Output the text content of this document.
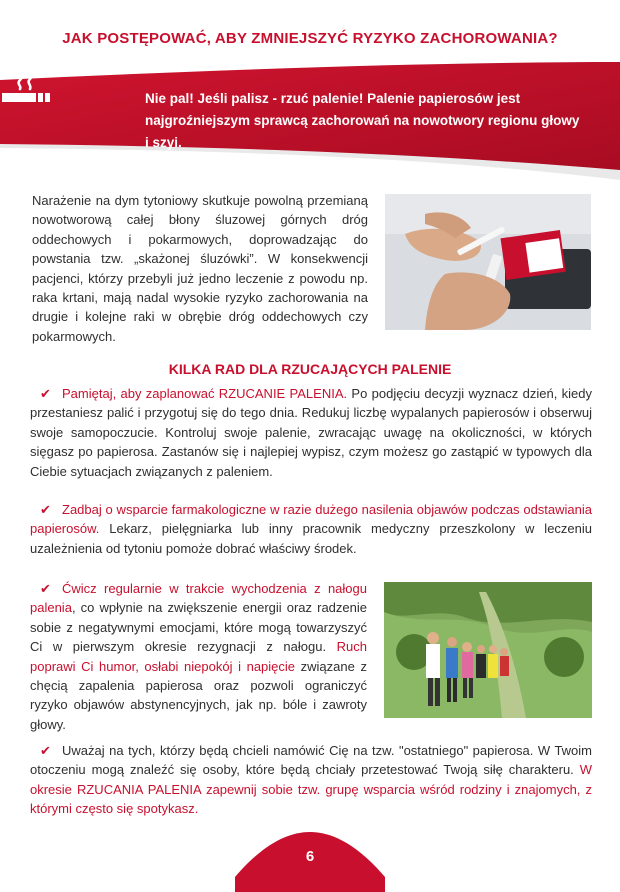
JAK POSTĘPOWAĆ, ABY ZMNIEJSZYĆ RYZYKO ZACHOROWANIA?
Nie pal! Jeśli palisz - rzuć palenie! Palenie papierosów jest najgroźniejszym sprawcą zachorowań na nowotwory regionu głowy i szyi.
Narażenie na dym tytoniowy skutkuje powolną przemianą nowotworową całej błony śluzowej górnych dróg oddechowych i pokarmowych, doprowadzając do powstania tzw. „skażonej śluzówki”. W konsekwencji pacjenci, którzy przebyli już jedno leczenie z powodu np. raka krtani, mają nadal wysokie ryzyko zachorowania na drugie i kolejne raki w obrębie dróg oddechowych czy pokarmowych.
KILKA RAD DLA RZUCAJĄCYCH PALENIE
✔ Pamiętaj, aby zaplanować RZUCANIE PALENIA. Po podjęciu decyzji wyznacz dzień, kiedy przestaniesz palić i przygotuj się do tego dnia. Redukuj liczbę wypalanych papierosów i obserwuj swoje samopoczucie. Kontroluj swoje palenie, zwracając uwagę na okoliczności, w których sięgasz po papierosa. Zastanów się i najlepiej wypisz, czym możesz go zastąpić w typowych dla Ciebie sytuacjach związanych z paleniem.
✔ Zadbaj o wsparcie farmakologiczne w razie dużego nasilenia objawów podczas odstawiania papierosów. Lekarz, pielęgniarka lub inny pracownik medyczny przeszkolony w leczeniu uzależnienia od tytoniu pomoże dobrać właściwy środek.
✔ Ćwicz regularnie w trakcie wychodzenia z nałogu palenia, co wpłynie na zwiększenie energii oraz radzenie sobie z negatywnymi emocjami, które mogą towarzyszyć Ci w pierwszym okresie rezygnacji z nałogu. Ruch poprawi Ci humor, osłabi niepokój i napięcie związane z chęcią zapalenia papierosa oraz pozwoli ograniczyć ryzyko objawów abstynencyjnych, jak np. bóle i zawroty głowy.
✔ Uważaj na tych, którzy będą chcieli namówić Cię na tzw. "ostatniego" papierosa. W Twoim otoczeniu mogą znaleźć się osoby, które będą chciały przetestować Twoją siłę charakteru. W okresie RZUCANIA PALENIA zapewnij sobie tzw. grupę wsparcia wśród rodziny i znajomych, z którymi często się spotykasz.
6
